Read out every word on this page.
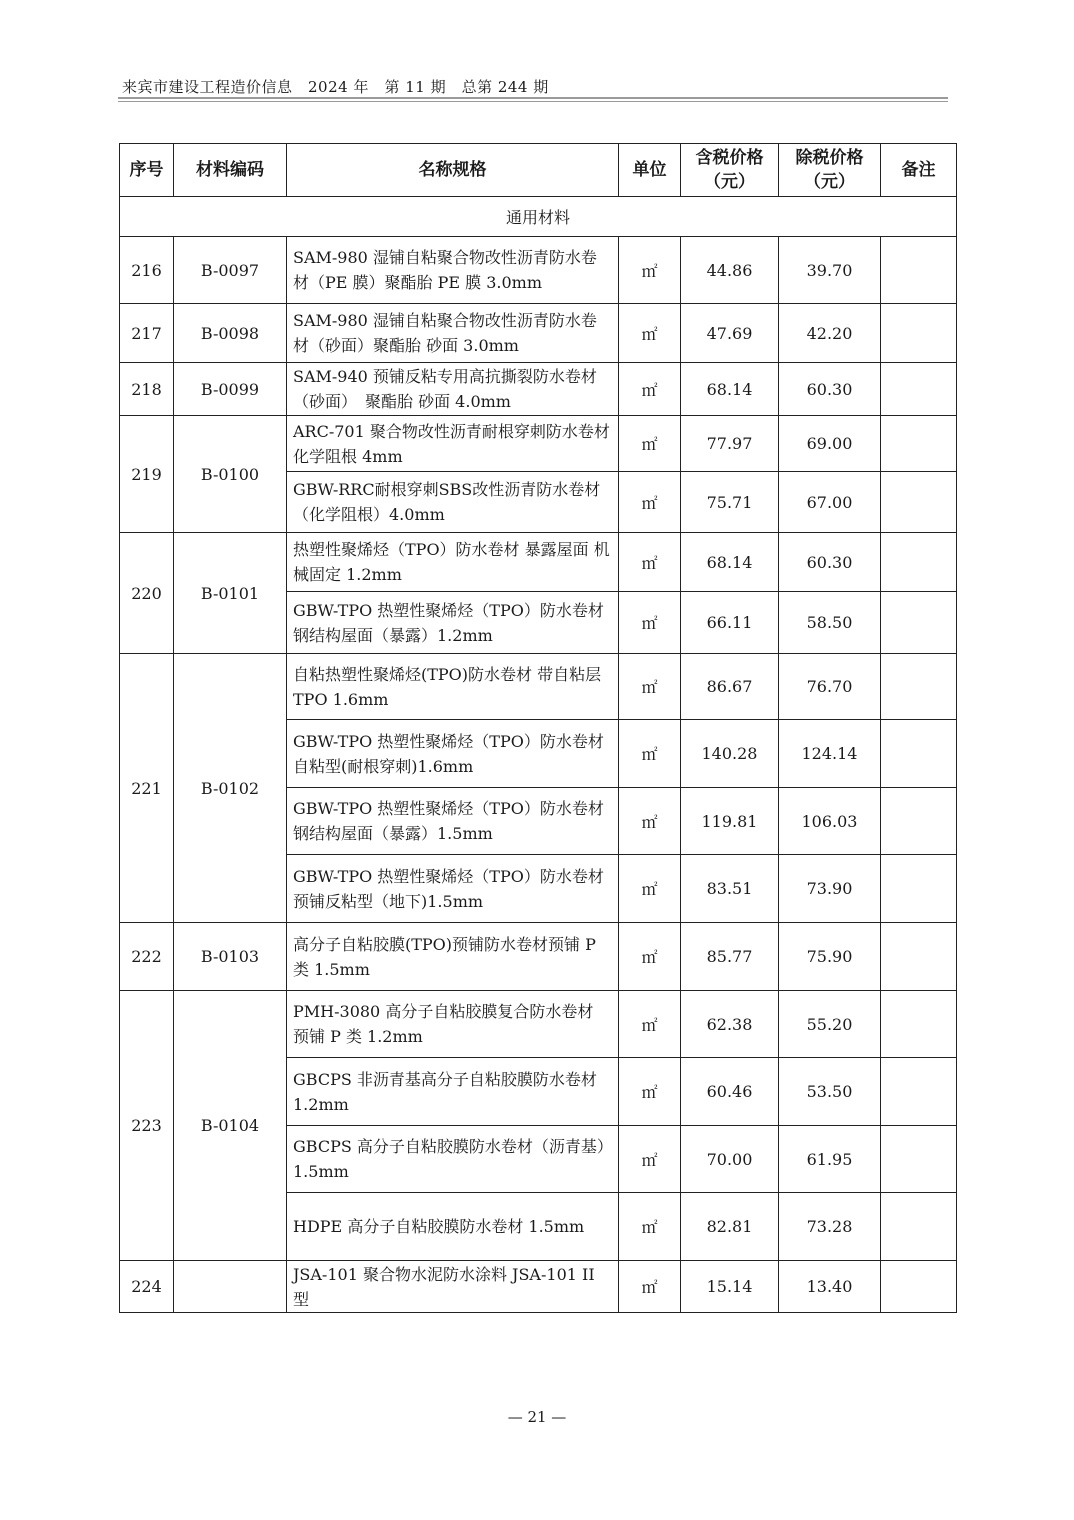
来宾市建设工程造价信息　2024 年　第 11 期　总第 244 期
序号	材料编码	名称规格	单位	含税价格（元）	除税价格（元）	备注
通用材料						
216	B-0097	SAM-980 湿铺自粘聚合物改性沥青防水卷材（PE 膜）聚酯胎 PE 膜 3.0mm	㎡	44.86	39.70	
217	B-0098	SAM-980 湿铺自粘聚合物改性沥青防水卷材（砂面）聚酯胎 砂面 3.0mm	㎡	47.69	42.20	
218	B-0099	SAM-940 预铺反粘专用高抗撕裂防水卷材（砂面）　聚酯胎 砂面 4.0mm	㎡	68.14	60.30	
219	B-0100	ARC-701 聚合物改性沥青耐根穿刺防水卷材 化学阻根 4mm	㎡	77.97	69.00	
		GBW-RRC耐根穿刺SBS改性沥青防水卷材（化学阻根）4.0mm	㎡	75.71	67.00	
220	B-0101	热塑性聚烯烃（TPO）防水卷材 暴露屋面 机械固定 1.2mm	㎡	68.14	60.30	
		GBW-TPO 热塑性聚烯烃（TPO）防水卷材 钢结构屋面（暴露）1.2mm	㎡	66.11	58.50	
221	B-0102	自粘热塑性聚烯烃(TPO)防水卷材 带自粘层 TPO 1.6mm	㎡	86.67	76.70	
		GBW-TPO 热塑性聚烯烃（TPO）防水卷材 自粘型(耐根穿刺)1.6mm	㎡	140.28	124.14	
		GBW-TPO 热塑性聚烯烃（TPO）防水卷材 钢结构屋面（暴露）1.5mm	㎡	119.81	106.03	
		GBW-TPO 热塑性聚烯烃（TPO）防水卷材 预铺反粘型（地下)1.5mm	㎡	83.51	73.90	
222	B-0103	高分子自粘胶膜(TPO)预铺防水卷材预铺 P 类 1.5mm	㎡	85.77	75.90	
223	B-0104	PMH-3080 高分子自粘胶膜复合防水卷材 预铺 P 类 1.2mm	㎡	62.38	55.20	
		GBCPS 非沥青基高分子自粘胶膜防水卷材 1.2mm	㎡	60.46	53.50	
		GBCPS 高分子自粘胶膜防水卷材（沥青基）1.5mm	㎡	70.00	61.95	
		HDPE 高分子自粘胶膜防水卷材 1.5mm	㎡	82.81	73.28	
224		JSA-101 聚合物水泥防水涂料 JSA-101 II 型	㎡	15.14	13.40	
— 21 —
